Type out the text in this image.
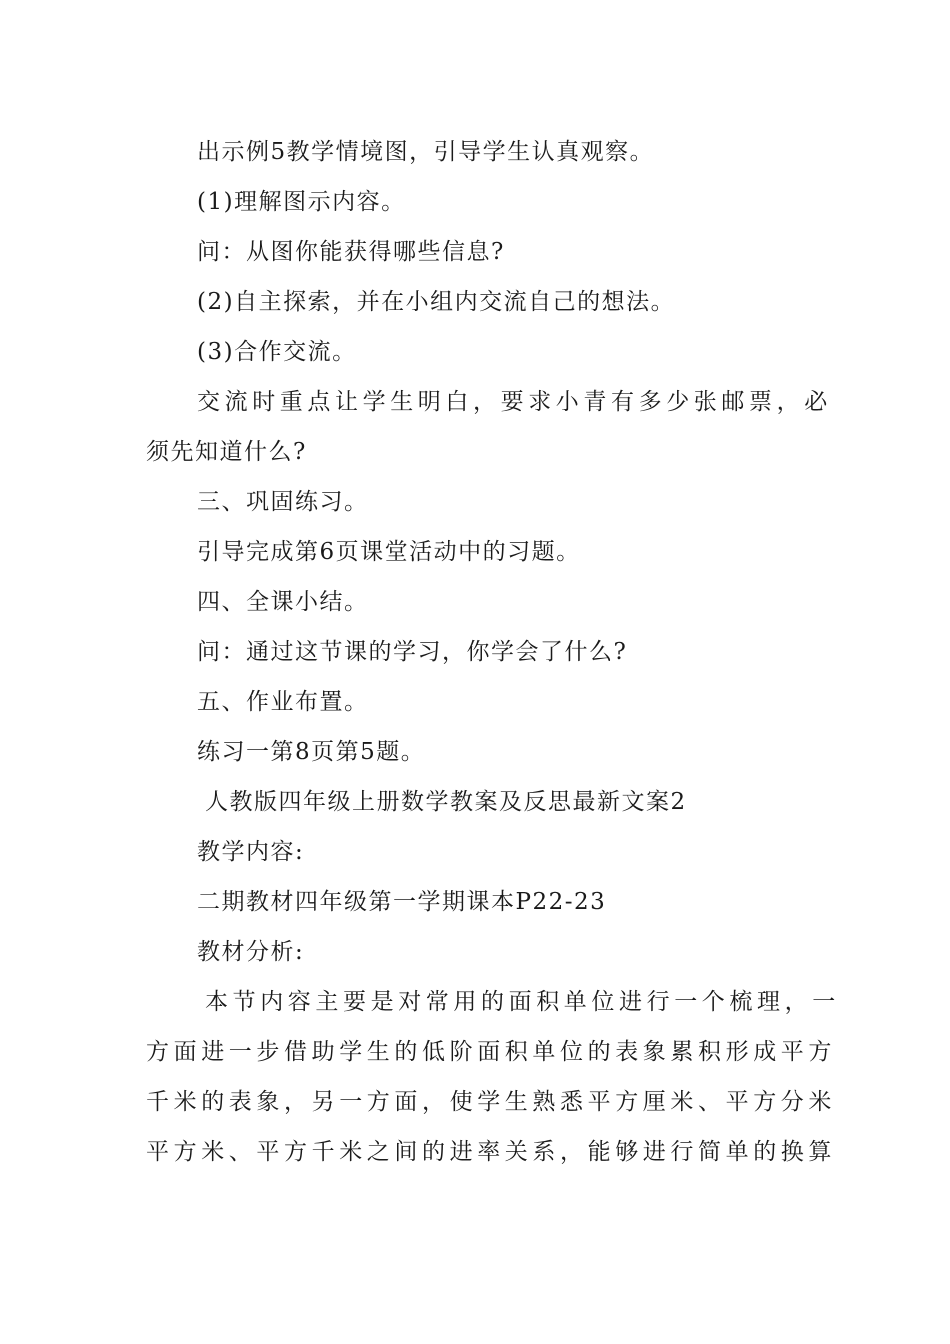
出示例5教学情境图，引导学生认真观察。
(1)理解图示内容。
问：从图你能获得哪些信息?
(2)自主探索，并在小组内交流自己的想法。
(3)合作交流。
交流时重点让学生明白，要求小青有多少张邮票，必
须先知道什么?
三、巩固练习。
引导完成第6页课堂活动中的习题。
四、全课小结。
问：通过这节课的学习，你学会了什么?
五、作业布置。
练习一第8页第5题。
人教版四年级上册数学教案及反思最新文案2
教学内容:
二期教材四年级第一学期课本P22-23
教材分析:
本节内容主要是对常用的面积单位进行一个梳理，一
方面进一步借助学生的低阶面积单位的表象累积形成平方
千米的表象，另一方面，使学生熟悉平方厘米、平方分米
平方米、平方千米之间的进率关系，能够进行简单的换算
